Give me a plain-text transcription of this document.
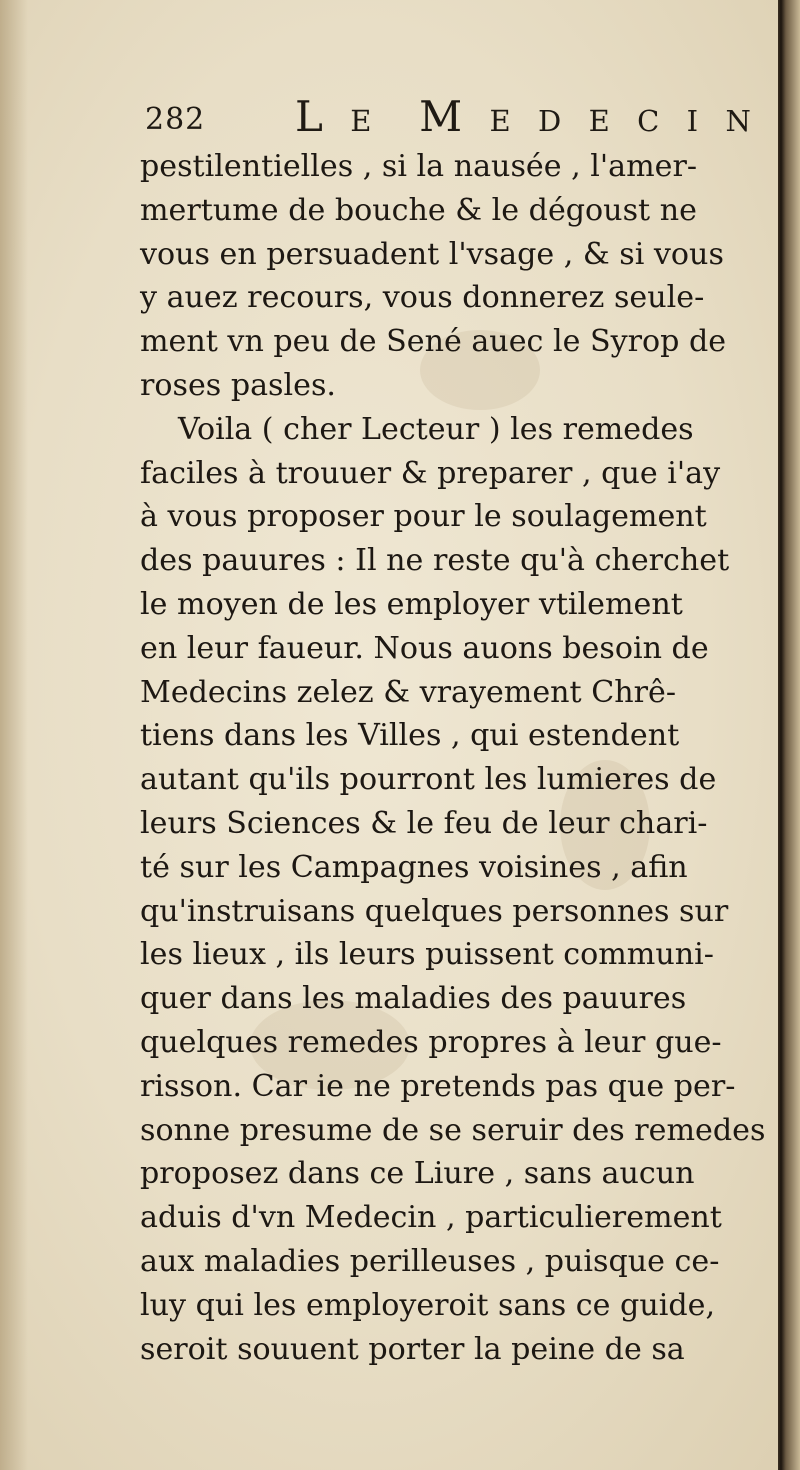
282 L e  M e d e c i n
pestilentielles , si la nausée , l'amer-
mertume de bouche & le dégoust ne
vous en persuadent l'vsage , & si vous
y auez recours, vous donnerez seule-
ment vn peu de Sené auec le Syrop de
roses pasles.
Voila ( cher Lecteur ) les remedes
faciles à trouuer & preparer , que i'ay
à vous proposer pour le soulagement
des pauures : Il ne reste qu'à cherchet
le moyen de les employer vtilement
en leur faueur. Nous auons besoin de
Medecins zelez & vrayement Chrê-
tiens dans les Villes , qui estendent
autant qu'ils pourront les lumieres de
leurs Sciences & le feu de leur chari-
té sur les Campagnes voisines , afin
qu'instruisans quelques personnes sur
les lieux , ils leurs puissent communi-
quer dans les maladies des pauures
quelques remedes propres à leur gue-
risson. Car ie ne pretends pas que per-
sonne presume de se seruir des remedes
proposez dans ce Liure , sans aucun
aduis d'vn Medecin , particulierement
aux maladies perilleuses , puisque ce-
luy qui les employeroit sans ce guide,
seroit souuent porter la peine de sa
